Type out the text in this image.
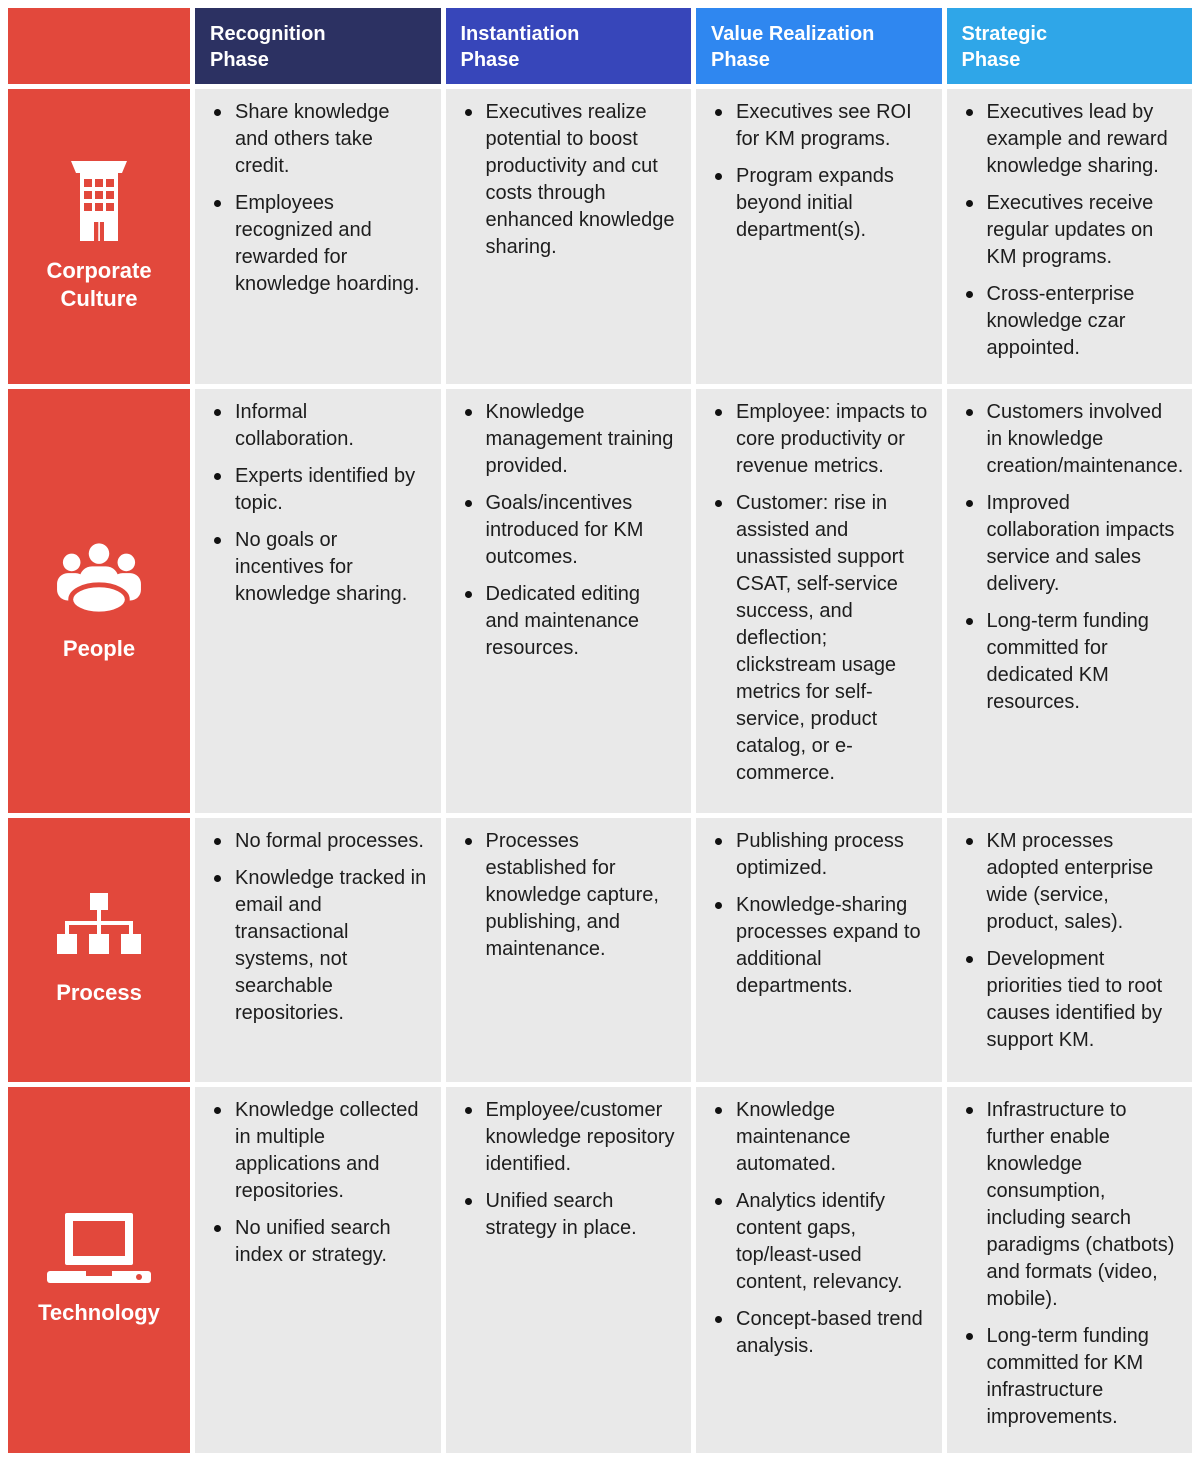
Recognition
Phase
Instantiation
Phase
Value Realization
Phase
Strategic
Phase
Corporate Culture
Share knowledge and others take credit.
Employees recognized and rewarded for knowledge hoarding.
Executives realize potential to boost productivity and cut costs through enhanced knowledge sharing.
Executives see ROI for KM programs.
Program expands beyond initial department(s).
Executives lead by example and reward knowledge sharing.
Executives receive regular updates on KM programs.
Cross-enterprise knowledge czar appointed.
People
Informal collaboration.
Experts identified by topic.
No goals or incentives for knowledge sharing.
Knowledge management training provided.
Goals/incentives introduced for KM outcomes.
Dedicated editing and maintenance resources.
Employee: impacts to core productivity or revenue metrics.
Customer: rise in assisted and unassisted support CSAT, self-service success, and deflection; clickstream usage metrics for self-service, product catalog, or e-commerce.
Customers involved in knowledge creation/maintenance.
Improved collaboration impacts service and sales delivery.
Long-term funding committed for dedicated KM resources.
Process
No formal processes.
Knowledge tracked in email and transactional systems, not searchable repositories.
Processes established for knowledge capture, publishing, and maintenance.
Publishing process optimized.
Knowledge-sharing processes expand to additional departments.
KM processes adopted enterprise wide (service, product, sales).
Development priorities tied to root causes identified by support KM.
Technology
Knowledge collected in multiple applications and repositories.
No unified search index or strategy.
Employee/customer knowledge repository identified.
Unified search strategy in place.
Knowledge maintenance automated.
Analytics identify content gaps, top/least-used content, relevancy.
Concept-based trend analysis.
Infrastructure to further enable knowledge consumption, including search paradigms (chatbots) and formats (video, mobile).
Long-term funding committed for KM infrastructure improvements.
